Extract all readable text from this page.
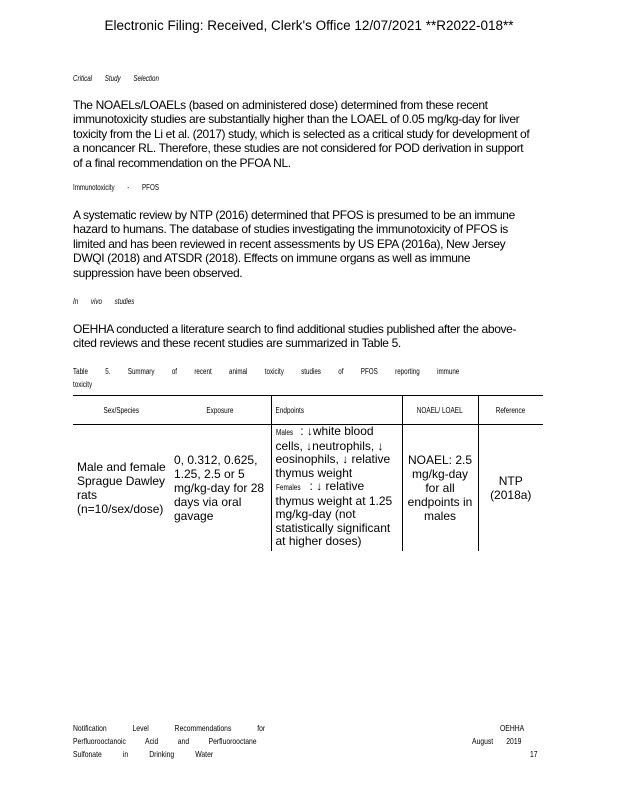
Electronic Filing: Received, Clerk's Office 12/07/2021 **R2022-018**
Critical Study Selection
The NOAELs/LOAELs (based on administered dose) determined from these recent immunotoxicity studies are substantially higher than the LOAEL of 0.05 mg/kg-day for liver toxicity from the Li et al. (2017) study, which is selected as a critical study for development of a noncancer RL. Therefore, these studies are not considered for POD derivation in support of a final recommendation on the PFOA NL.
Immunotoxicity - PFOS
A systematic review by NTP (2016) determined that PFOS is presumed to be an immune hazard to humans. The database of studies investigating the immunotoxicity of PFOS is limited and has been reviewed in recent assessments by US EPA (2016a), New Jersey DWQI (2018) and ATSDR (2018). Effects on immune organs as well as immune suppression have been observed.
In vivo studies
OEHHA conducted a literature search to find additional studies published after the above-cited reviews and these recent studies are summarized in Table 5.
Table 5. Summary of recent animal toxicity studies of PFOS reporting immune
toxicity
Sex/Species	Exposure	Endpoints	NOAEL/ LOAEL	Reference
Male and female Sprague Dawley rats (n=10/sex/dose)	0, 0.312, 0.625, 1.25, 2.5 or 5 mg/kg-day for 28 days via oral gavage	Males : ↓white blood cells, ↓neutrophils, ↓ eosinophils, ↓ relative thymus weight
Females : ↓ relative thymus weight at 1.25 mg/kg-day (not statistically significant at higher doses)	NOAEL: 2.5 mg/kg-day for all endpoints in males	NTP (2018a)
Notification Level Recommendations for
Perfluorooctanoic Acid and Perfluorooctane
Sulfonate in Drinking Water
OEHHA
August 2019
17
